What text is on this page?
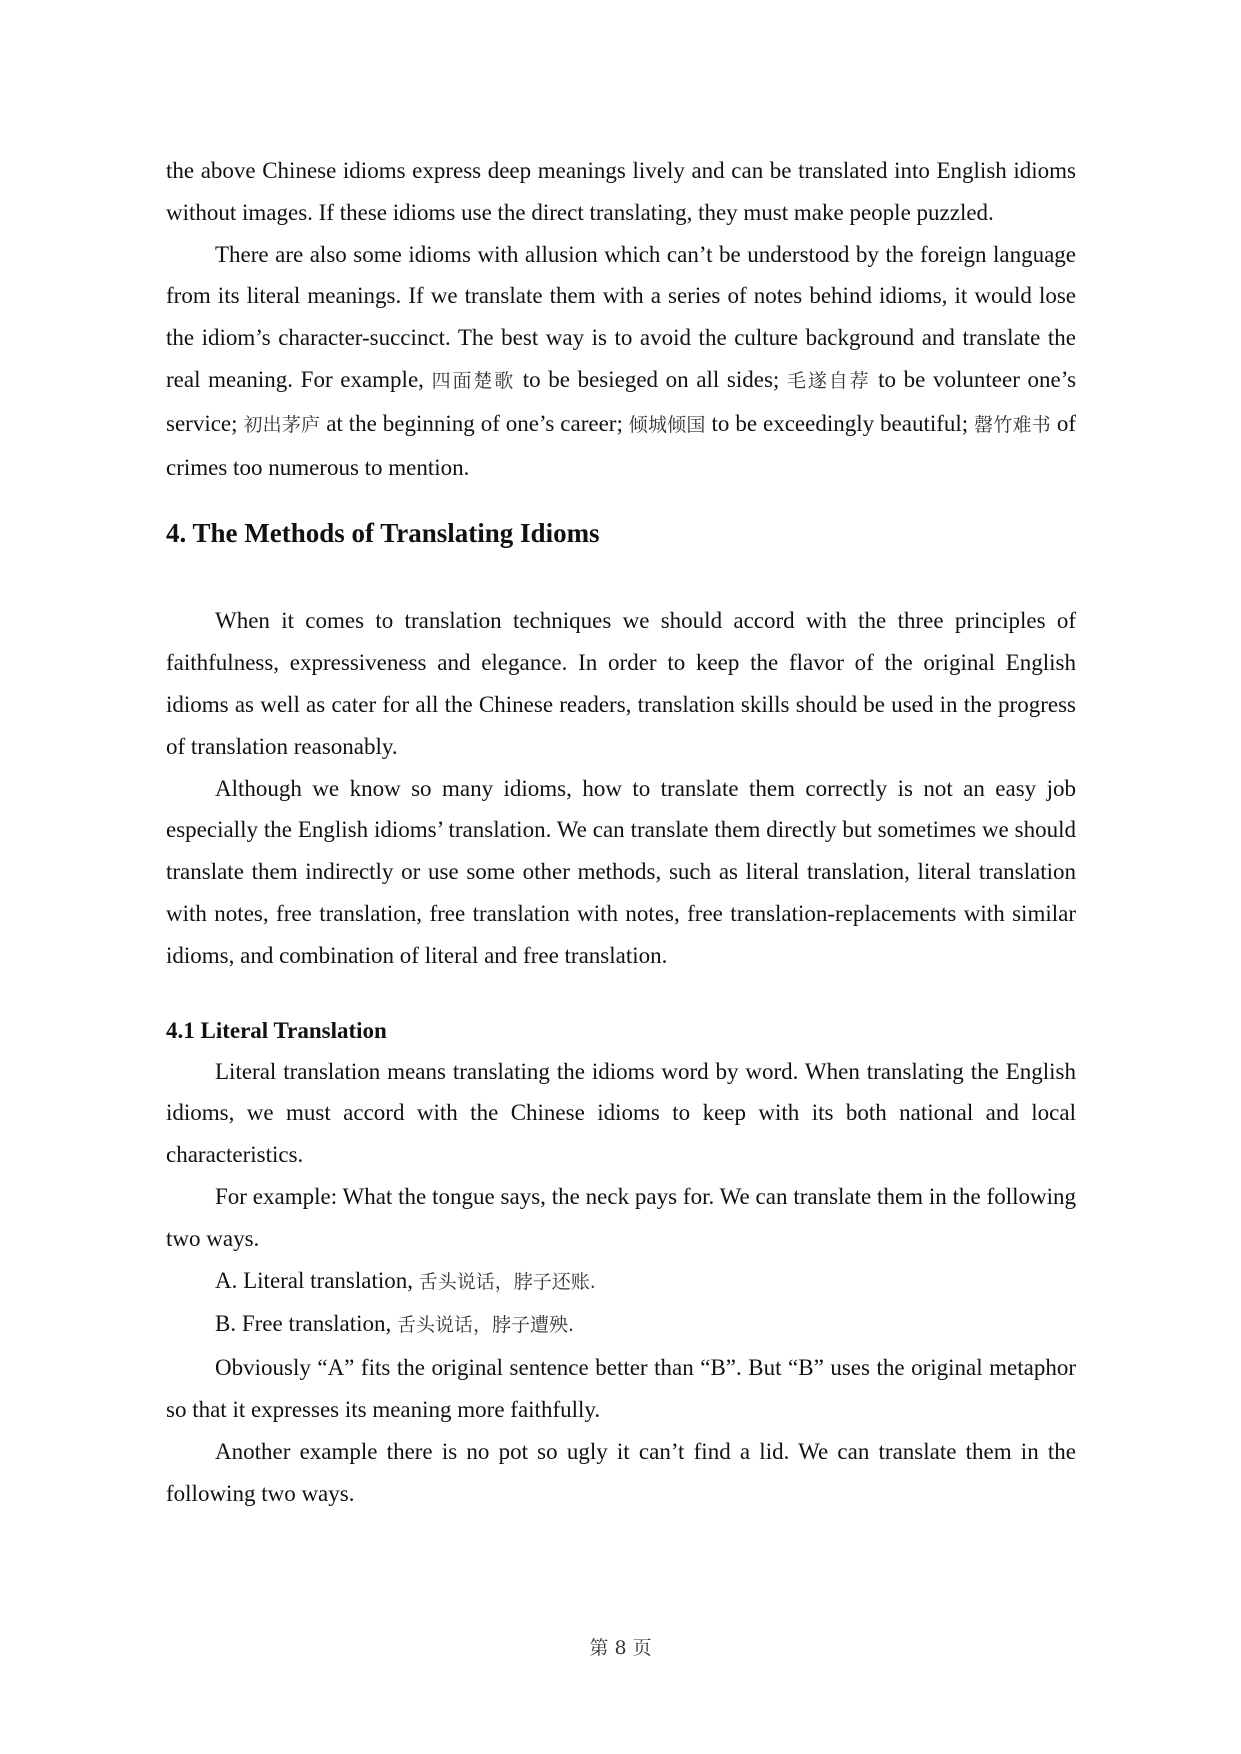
the above Chinese idioms express deep meanings lively and can be translated into English idioms without images. If these idioms use the direct translating, they must make people puzzled.

There are also some idioms with allusion which can’t be understood by the foreign language from its literal meanings. If we translate them with a series of notes behind idioms, it would lose the idiom’s character-succinct. The best way is to avoid the culture background and translate the real meaning. For example, 四面楚歌 to be besieged on all sides; 毛遂自荐 to be volunteer one’s service; 初出茅庐 at the beginning of one’s career; 倾城倾国 to be exceedingly beautiful; 罄竹难书 of crimes too numerous to mention.

4. The Methods of Translating Idioms

When it comes to translation techniques we should accord with the three principles of faithfulness, expressiveness and elegance. In order to keep the flavor of the original English idioms as well as cater for all the Chinese readers, translation skills should be used in the progress of translation reasonably.

Although we know so many idioms, how to translate them correctly is not an easy job especially the English idioms’ translation. We can translate them directly but sometimes we should translate them indirectly or use some other methods, such as literal translation, literal translation with notes, free translation, free translation with notes, free translation-replacements with similar idioms, and combination of literal and free translation.

4.1 Literal Translation

Literal translation means translating the idioms word by word. When translating the English idioms, we must accord with the Chinese idioms to keep with its both national and local characteristics.

For example: What the tongue says, the neck pays for. We can translate them in the following two ways.

A. Literal translation, 舌头说话，脖子还账.

B. Free translation, 舌头说话，脖子遭殃.

Obviously “A” fits the original sentence better than “B”. But “B” uses the original metaphor so that it expresses its meaning more faithfully.

Another example there is no pot so ugly it can’t find a lid. We can translate them in the following two ways.

第 8 页
